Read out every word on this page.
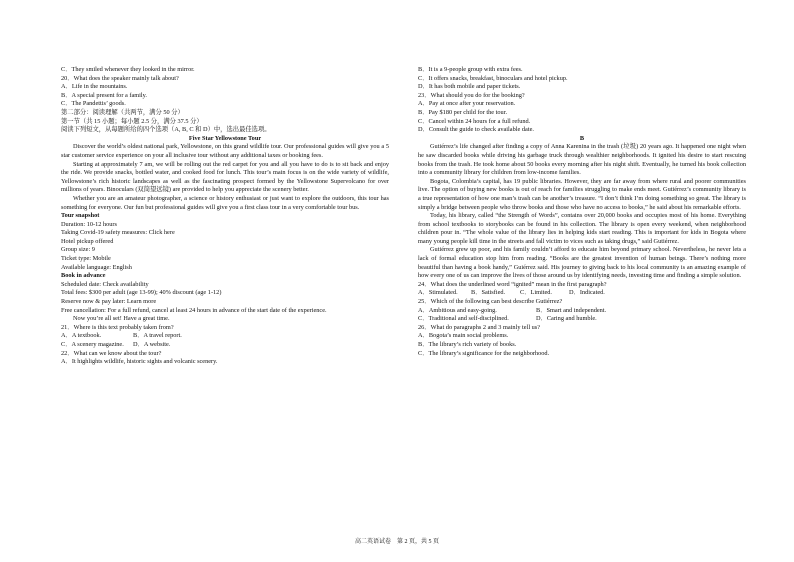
C．They smiled whenever they looked in the mirror.
20．What does the speaker mainly talk about?
A．Life in the mountains.
B．A special present for a family.
C．The Pandettis’ goods.
第二部分：阅读理解（共两节，满分 50 分）
第一节（共 15 小题；每小题 2.5 分，满分 37.5 分）
阅读下列短文，从每题所给的四个选项（A, B, C 和 D）中，选出最佳选项。
Five Star Yellowstone Tour
Discover the world’s oldest national park, Yellowstone, on this grand wildlife tour. Our professional guides will give you a 5 star customer service experience on your all inclusive tour without any additional taxes or booking fees.
Starting at approximately 7 am, we will be rolling out the red carpet for you and all you have to do is to sit back and enjoy the ride. We provide snacks, bottled water, and cooked food for lunch. This tour’s main focus is on the wide variety of wildlife, Yellowstone’s rich historic landscapes as well as the fascinating prospect formed by the Yellowstone Supervolcano for over millions of years. Binoculars (双筒望远镜) are provided to help you appreciate the scenery better.
Whether you are an amateur photographer, a science or history enthusiast or just want to explore the outdoors, this tour has something for everyone. Our fun but professional guides will give you a first class tour in a very comfortable tour bus.
Tour snapshot
Duration: 10-12 hours
Taking Covid-19 safety measures: Click here
Hotel pickup offered
Group size: 9
Ticket type: Mobile
Available language: English
Book in advance
Scheduled date: Check availability
Total fees: $300 per adult (age 13-99); 40% discount (age 1-12)
Reserve now & pay later: Learn more
Free cancellation: For a full refund, cancel at least 24 hours in advance of the start date of the experience.
Now you’re all set! Have a great time.
21．Where is this text probably taken from?
A．A textbook.	B．A travel report.
C．A scenery magazine.	D．A website.
22．What can we know about the tour?
A．It highlights wildlife, historic sights and volcanic scenery.
B．It is a 9-people group with extra fees.
C．It offers snacks, breakfast, binoculars and hotel pickup.
D．It has both mobile and paper tickets.
23．What should you do for the booking?
A．Pay at once after your reservation.
B．Pay $180 per child for the tour.
C．Cancel within 24 hours for a full refund.
D．Consult the guide to check available date.
B
Gutiérrez’s life changed after finding a copy of Anna Karenina in the trash (垃圾) 20 years ago. It happened one night when he saw discarded books while driving his garbage truck through wealthier neighborhoods. It ignited his desire to start rescuing books from the trash. He took home about 50 books every morning after his night shift. Eventually, he turned his book collection into a community library for children from low-income families.
Bogota, Colombia’s capital, has 19 public libraries. However, they are far away from where rural and poorer communities live. The option of buying new books is out of reach for families struggling to make ends meet. Gutiérrez’s community library is a true representation of how one man’s trash can be another’s treasure. “I don’t think I’m doing something so great. The library is simply a bridge between people who throw books and those who have no access to books,” he said about his remarkable efforts.
Today, his library, called “the Strength of Words”, contains over 20,000 books and occupies most of his home. Everything from school textbooks to storybooks can be found in his collection. The library is open every weekend, when neighborhood children pour in. “The whole value of the library lies in helping kids start reading. This is important for kids in Bogota where many young people kill time in the streets and fall victim to vices such as taking drugs,” said Gutiérrez.
Gutiérrez grew up poor, and his family couldn’t afford to educate him beyond primary school. Nevertheless, he never lets a lack of formal education stop him from reading. “Books are the greatest invention of human beings. There’s nothing more beautiful than having a book handy,” Guiérrez said. His journey to giving back to his local community is an amazing example of how every one of us can improve the lives of those around us by identifying needs, investing time and finding a simple solution.
24．What does the underlined word “ignited” mean in the first paragraph?
A．Stimulated.	B．Satisfied.	C．Limited.	D．Indicated.
25．Which of the following can best describe Gutiérrez?
A．Ambitious and easy-going.	B．Smart and independent.
C．Traditional and self-disciplined.	D．Caring and humble.
26．What do paragraphs 2 and 3 mainly tell us?
A．Bogota’s main social problems.
B．The library’s rich variety of books.
C．The library’s significance for the neighborhood.
高二英语试卷　第 2 页，共 5 页
